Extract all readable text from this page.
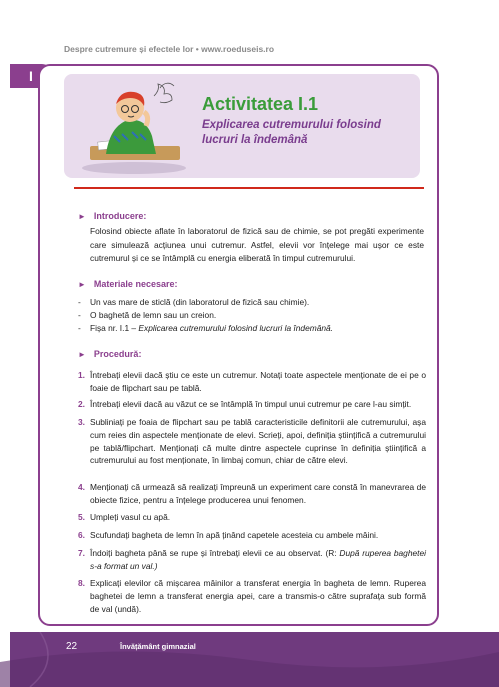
Despre cutremure și efectele lor • www.roeduseis.ro
I
Activitatea I.1
Explicarea cutremurului folosind lucruri la îndemână
► Introducere:
Folosind obiecte aflate în laboratorul de fizică sau de chimie, se pot pregăti experimente care simulează acțiunea unui cutremur. Astfel, elevii vor înțelege mai ușor ce este cutremurul și ce se întâmplă cu energia eliberată în timpul cutremurului.
► Materiale necesare:
- Un vas mare de sticlă (din laboratorul de fizică sau chimie).
- O baghetă de lemn sau un creion.
- Fișa nr. I.1 – Explicarea cutremurului folosind lucruri la îndemână.
► Procedură:
1. Întrebați elevii dacă știu ce este un cutremur. Notați toate aspectele menționate de ei pe o foaie de flipchart sau pe tablă.
2. Întrebați elevii dacă au văzut ce se întâmplă în timpul unui cutremur pe care l-au simțit.
3. Subliniați pe foaia de flipchart sau pe tablă caracteristicile definitorii ale cutremurului, așa cum reies din aspectele menționate de elevi. Scrieți, apoi, definiția științifică a cutremurului pe tablă/flipchart. Menționați că multe dintre aspectele cuprinse în definiția științifică a cutremurului au fost menționate, în limbaj comun, chiar de către elevi.
4. Menționați că urmează să realizați împreună un experiment care constă în manevrarea de obiecte fizice, pentru a înțelege producerea unui fenomen.
5. Umpleți vasul cu apă.
6. Scufundați bagheta de lemn în apă ținând capetele acesteia cu ambele mâini.
7. Îndoiți bagheta până se rupe și întrebați elevii ce au observat. (R: După ruperea baghetei s-a format un val.)
8. Explicați elevilor că mișcarea mâinilor a transferat energia în bagheta de lemn. Ruperea baghetei de lemn a transferat energia apei, care a transmis-o către suprafața sub formă de val (undă).
22	Învățământ gimnazial
